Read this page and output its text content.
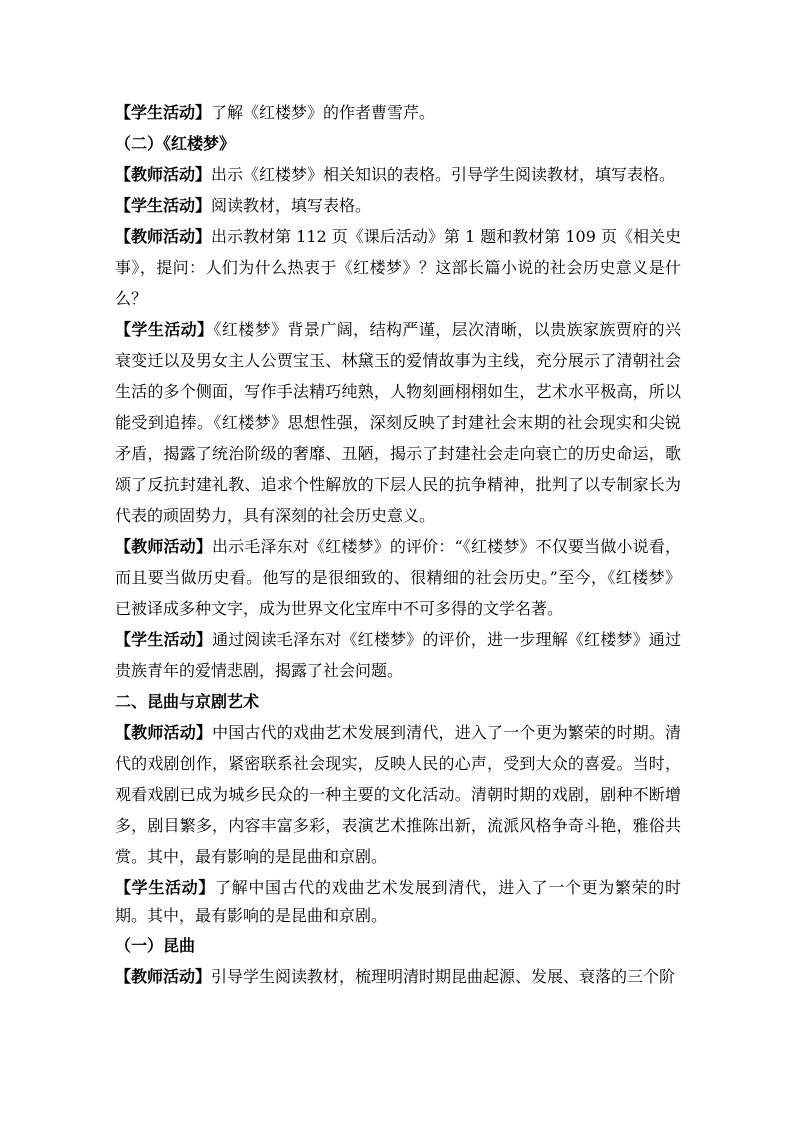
【学生活动】了解《红楼梦》的作者曹雪芹。

（二）《红楼梦》

【教师活动】出示《红楼梦》相关知识的表格。引导学生阅读教材，填写表格。

【学生活动】阅读教材，填写表格。

【教师活动】出示教材第 112 页《课后活动》第 1 题和教材第 109 页《相关史事》，提问：人们为什么热衷于《红楼梦》？这部长篇小说的社会历史意义是什么？

【学生活动】《红楼梦》背景广阔，结构严谨，层次清晰，以贵族家族贾府的兴衰变迁以及男女主人公贾宝玉、林黛玉的爱情故事为主线，充分展示了清朝社会生活的多个侧面，写作手法精巧纯熟，人物刻画栩栩如生，艺术水平极高，所以能受到追捧。《红楼梦》思想性强，深刻反映了封建社会末期的社会现实和尖锐矛盾，揭露了统治阶级的奢靡、丑陋，揭示了封建社会走向衰亡的历史命运，歌颂了反抗封建礼教、追求个性解放的下层人民的抗争精神，批判了以专制家长为代表的顽固势力，具有深刻的社会历史意义。

【教师活动】出示毛泽东对《红楼梦》的评价：“《红楼梦》不仅要当做小说看，而且要当做历史看。他写的是很细致的、很精细的社会历史。”至今，《红楼梦》已被译成多种文字，成为世界文化宝库中不可多得的文学名著。

【学生活动】通过阅读毛泽东对《红楼梦》的评价，进一步理解《红楼梦》通过贵族青年的爱情悲剧，揭露了社会问题。

二、昆曲与京剧艺术

【教师活动】中国古代的戏曲艺术发展到清代，进入了一个更为繁荣的时期。清代的戏剧创作，紧密联系社会现实，反映人民的心声，受到大众的喜爱。当时，观看戏剧已成为城乡民众的一种主要的文化活动。清朝时期的戏剧，剧种不断增多，剧目繁多，内容丰富多彩，表演艺术推陈出新，流派风格争奇斗艳，雅俗共赏。其中，最有影响的是昆曲和京剧。

【学生活动】了解中国古代的戏曲艺术发展到清代，进入了一个更为繁荣的时期。其中，最有影响的是昆曲和京剧。

（一）昆曲

【教师活动】引导学生阅读教材，梳理明清时期昆曲起源、发展、衰落的三个阶
